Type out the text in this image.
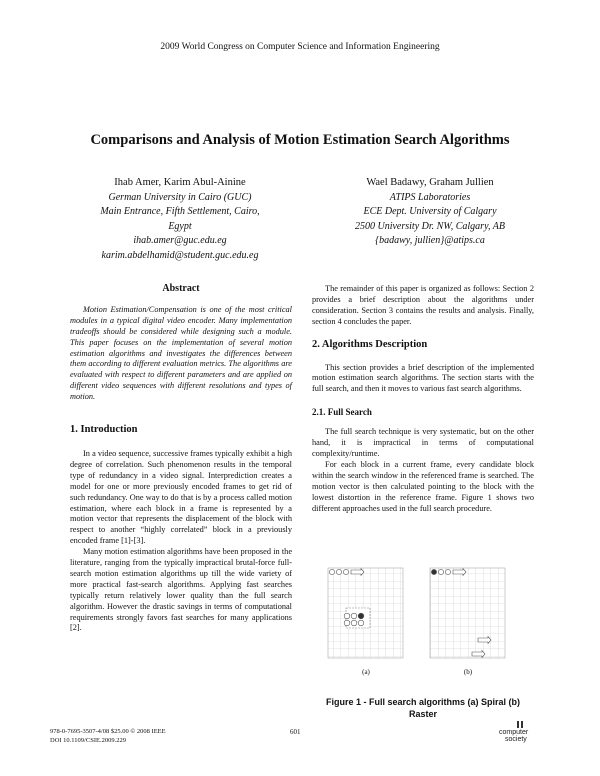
2009 World Congress on Computer Science and Information Engineering
Comparisons and Analysis of Motion Estimation Search Algorithms
Ihab Amer, Karim Abul-Ainine
German University in Cairo (GUC)
Main Entrance, Fifth Settlement, Cairo,
Egypt
ihab.amer@guc.edu.eg
karim.abdelhamid@student.guc.edu.eg
Wael Badawy, Graham Jullien
ATIPS Laboratories
ECE Dept. University of Calgary
2500 University Dr. NW, Calgary, AB
{badawy, jullien}@atips.ca
Abstract

Motion Estimation/Compensation is one of the most critical modules in a typical digital video encoder. Many implementation tradeoffs should be considered while designing such a module. This paper focuses on the implementation of several motion estimation algorithms and investigates the differences between them according to different evaluation metrics. The algorithms are evaluated with respect to different parameters and are applied on different video sequences with different resolutions and types of motion.

1. Introduction

In a video sequence, successive frames typically exhibit a high degree of correlation. Such phenomenon results in the temporal type of redundancy in a video signal. Interprediction creates a model for one or more previously encoded frames to get rid of such redundancy. One way to do that is by a process called motion estimation, where each block in a frame is represented by a motion vector that represents the displacement of the block with respect to another “highly correlated” block in a previously encoded frame [1]-[3].

Many motion estimation algorithms have been proposed in the literature, ranging from the typically impractical brutal-force full-search motion estimation algorithms up till the wide variety of more practical fast-search algorithms. Applying fast searches typically return relatively lower quality than the full search algorithm. However the drastic savings in terms of computational requirements strongly favors fast searches for many applications [2].

The remainder of this paper is organized as follows: Section 2 provides a brief description about the algorithms under consideration. Section 3 contains the results and analysis. Finally, section 4 concludes the paper.

2. Algorithms Description

This section provides a brief description of the implemented motion estimation search algorithms. The section starts with the full search, and then it moves to various fast search algorithms.

2.1. Full Search

The full search technique is very systematic, but on the other hand, it is impractical in terms of computational complexity/runtime.

For each block in a current frame, every candidate block within the search window in the referenced frame is searched. The motion vector is then calculated pointing to the block with the lowest distortion in the reference frame. Figure 1 shows two different approaches used in the full search procedure.

(a)	(b)
Figure 1 - Full search algorithms (a) Spiral (b) Raster
978-0-7695-3507-4/08 $25.00 © 2008 IEEE
DOI 10.1109/CSIE.2009.229
601	computer
society
